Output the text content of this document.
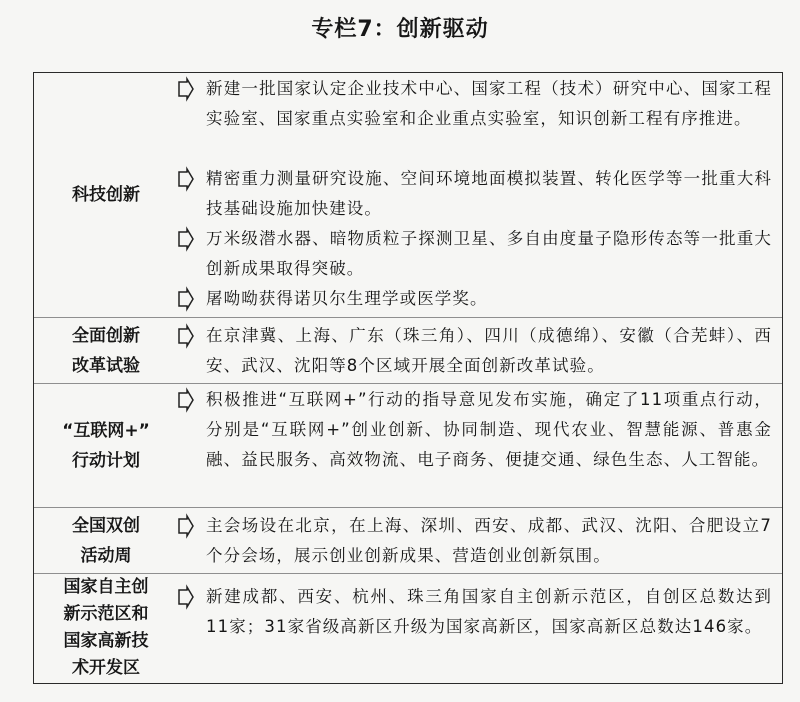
专栏7：创新驱动
科技创新
新建一批国家认定企业技术中心、国家工程（技术）研究中心、国家工程实验室、国家重点实验室和企业重点实验室，知识创新工程有序推进。
精密重力测量研究设施、空间环境地面模拟装置、转化医学等一批重大科技基础设施加快建设。
万米级潜水器、暗物质粒子探测卫星、多自由度量子隐形传态等一批重大创新成果取得突破。
屠呦呦获得诺贝尔生理学或医学奖。
全面创新
改革试验
在京津冀、上海、广东（珠三角）、四川（成德绵）、安徽（合芜蚌）、西安、武汉、沈阳等8个区域开展全面创新改革试验。
“互联网+”
行动计划
积极推进“互联网+”行动的指导意见发布实施，确定了11项重点行动，分别是“互联网+”创业创新、协同制造、现代农业、智慧能源、普惠金融、益民服务、高效物流、电子商务、便捷交通、绿色生态、人工智能。
全国双创
活动周
主会场设在北京，在上海、深圳、西安、成都、武汉、沈阳、合肥设立7个分会场，展示创业创新成果、营造创业创新氛围。
国家自主创
新示范区和
国家高新技
术开发区
新建成都、西安、杭州、珠三角国家自主创新示范区，自创区总数达到11家；31家省级高新区升级为国家高新区，国家高新区总数达146家。
